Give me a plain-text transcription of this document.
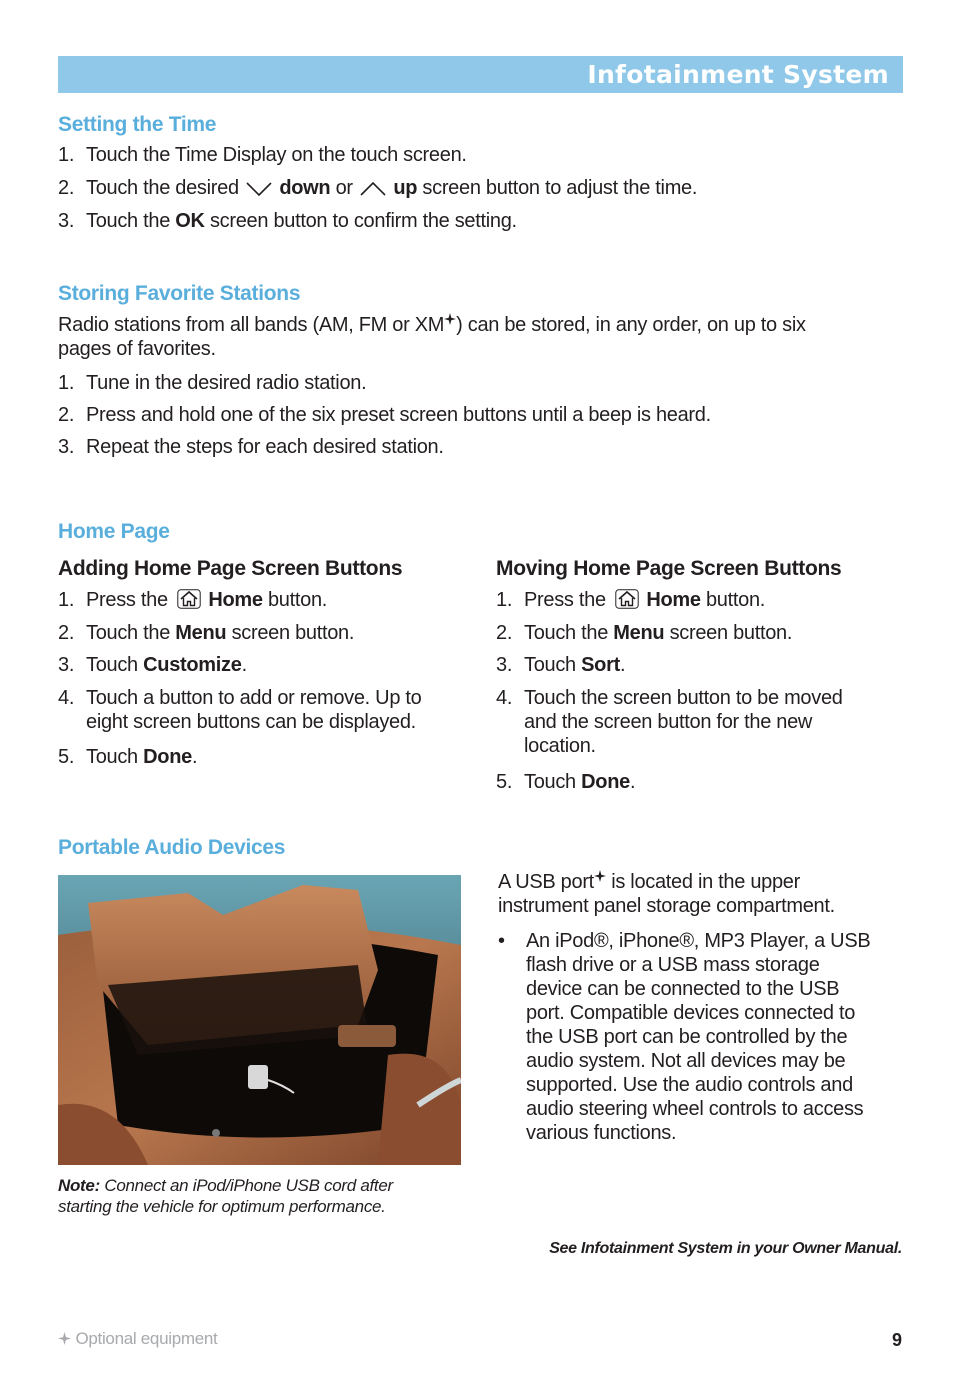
Infotainment System
Setting the Time
1. Touch the Time Display on the touch screen.
2. Touch the desired down or up screen button to adjust the time.
3. Touch the OK screen button to confirm the setting.
Storing Favorite Stations
Radio stations from all bands (AM, FM or XM ) can be stored, in any order, on up to six
pages of favorites.
1. Tune in the desired radio station.
2. Press and hold one of the six preset screen buttons until a beep is heard.
3. Repeat the steps for each desired station.
Home Page
Adding Home Page Screen Buttons
1. Press the Home button.
2. Touch the Menu screen button.
3. Touch Customize.
4. Touch a button to add or remove. Up to
eight screen buttons can be displayed.
5. Touch Done.
Moving Home Page Screen Buttons
1. Press the Home button.
2. Touch the Menu screen button.
3. Touch Sort.
4. Touch the screen button to be moved
and the screen button for the new
location.
5. Touch Done.
Portable Audio Devices
A USB port is located in the upper
instrument panel storage compartment.
• An iPod®, iPhone®, MP3 Player, a USB
flash drive or a USB mass storage
device can be connected to the USB
port. Compatible devices connected to
the USB port can be controlled by the
audio system. Not all devices may be
supported. Use the audio controls and
audio steering wheel controls to access
various functions.
Note: Connect an iPod/iPhone USB cord after
starting the vehicle for optimum performance.
See Infotainment System in your Owner Manual.
Optional equipment	9
